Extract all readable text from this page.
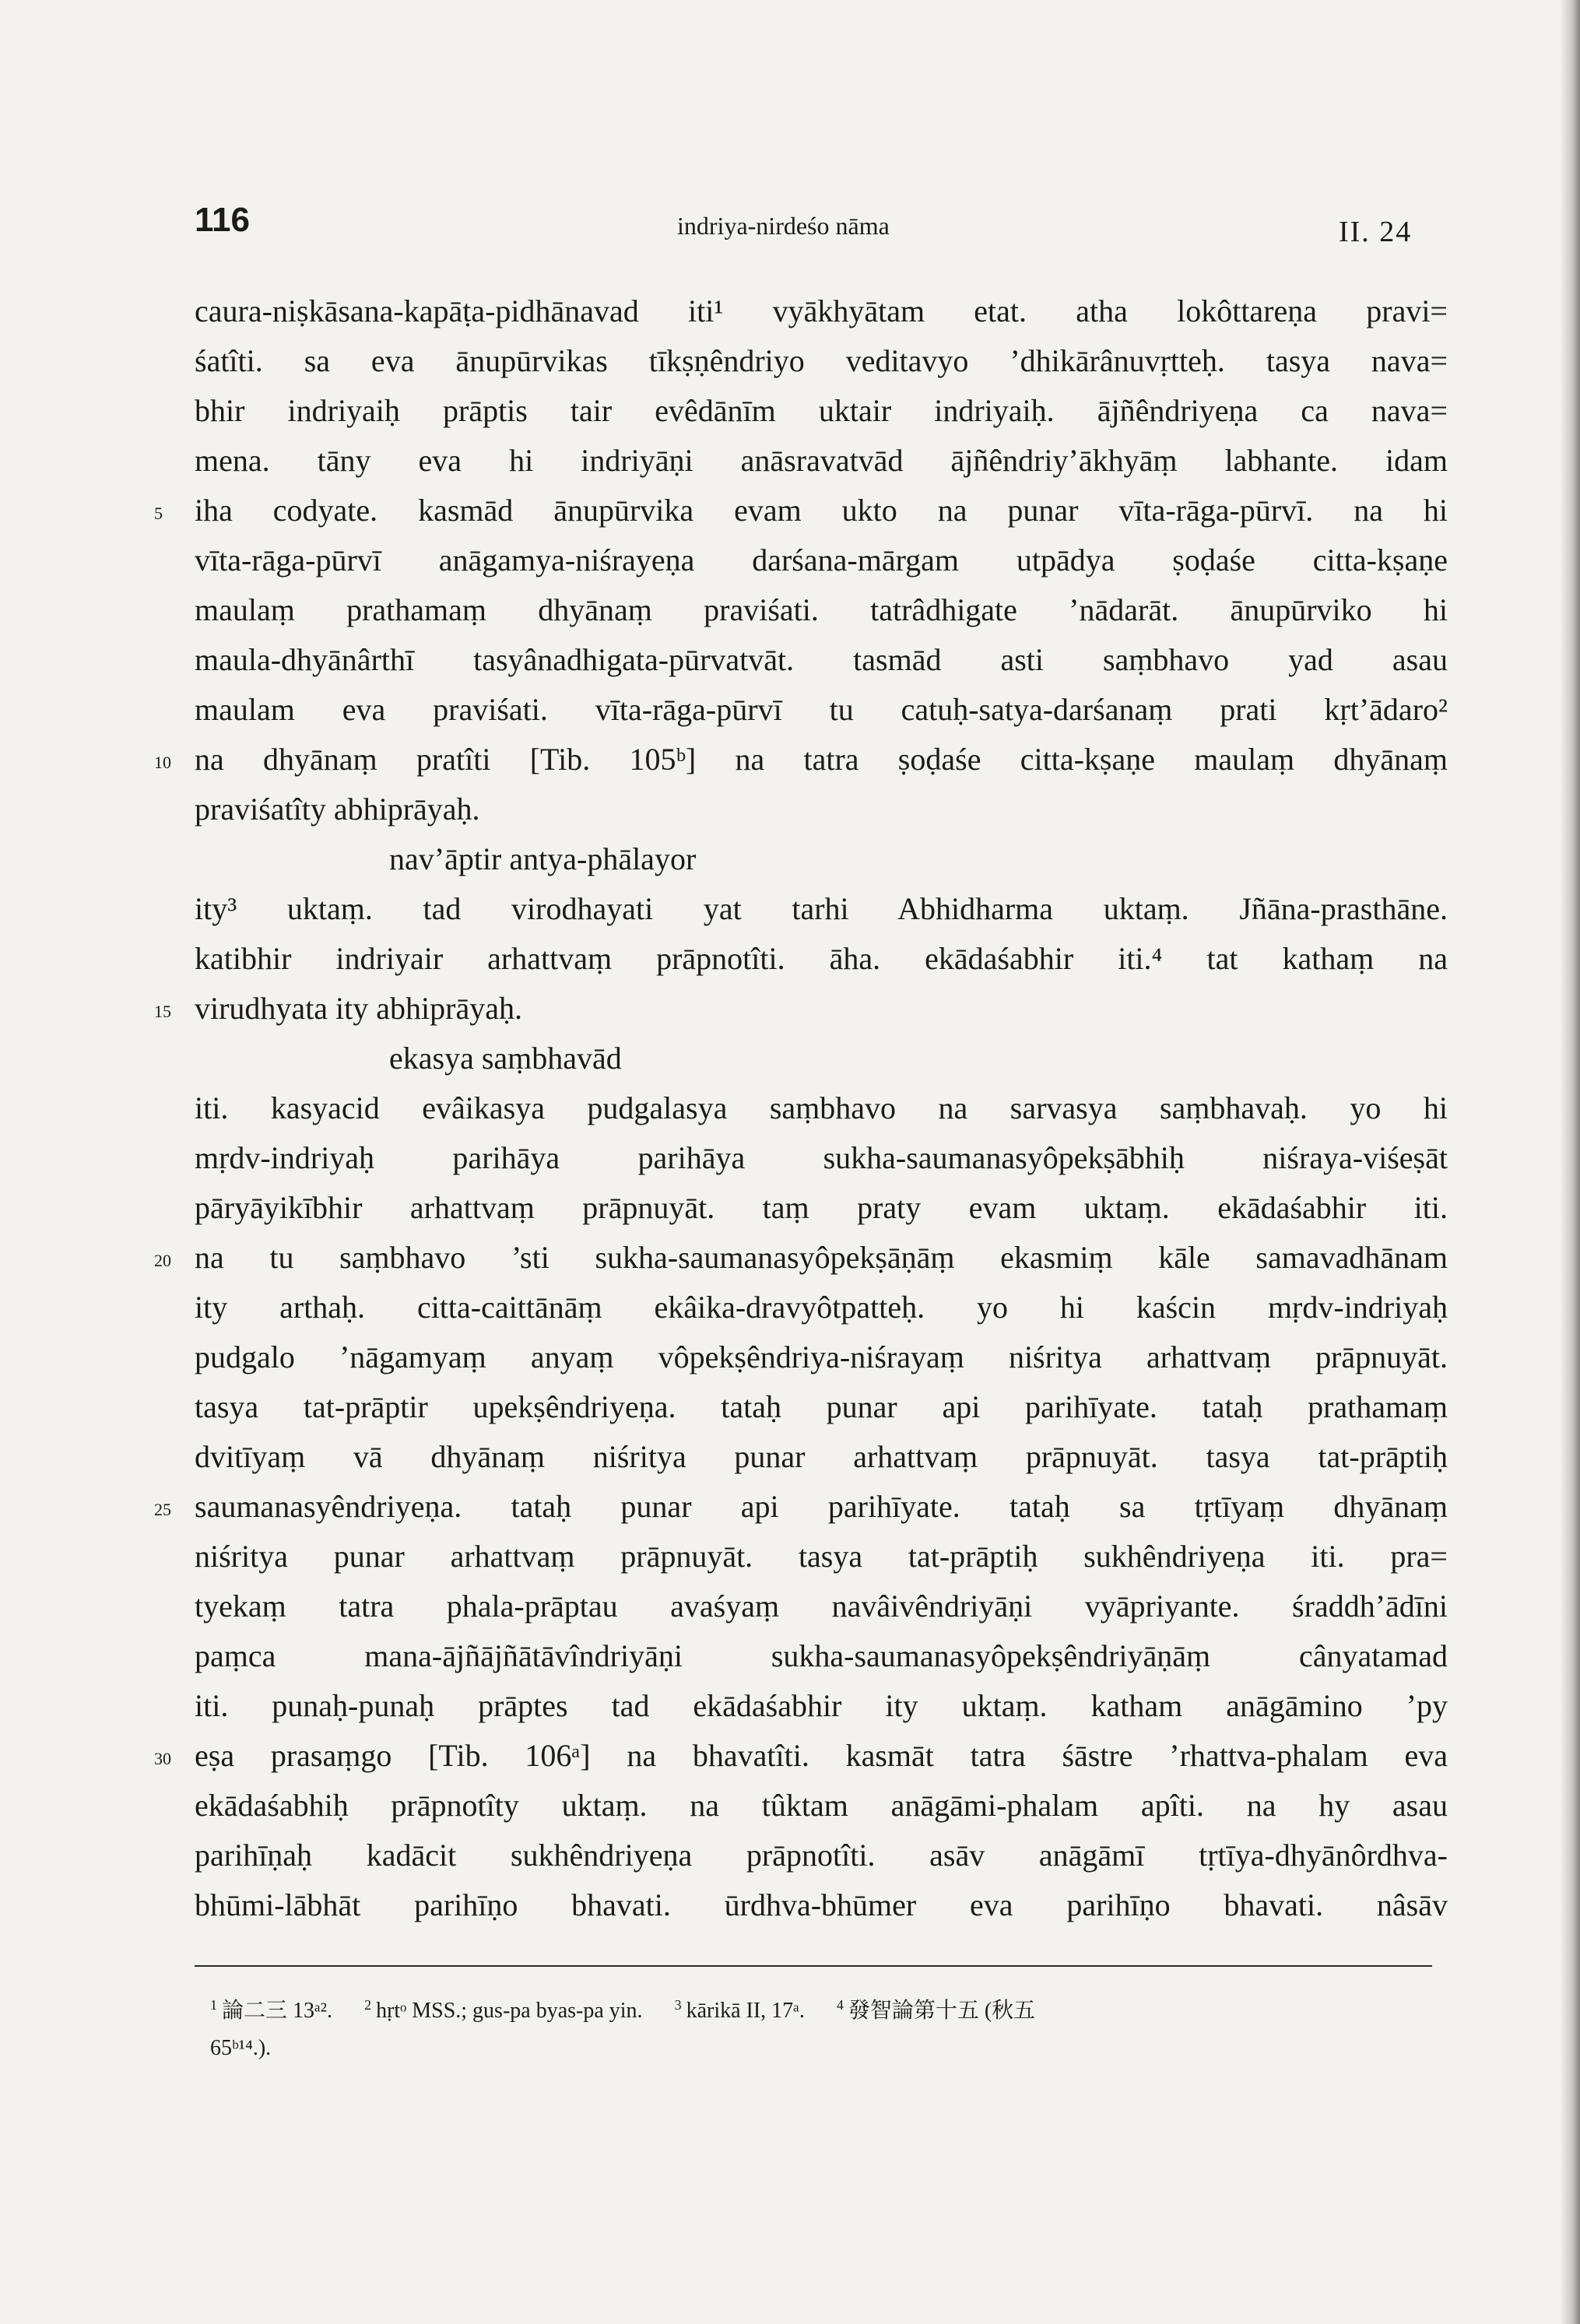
116	indriya-nirdeśo nāma	II. 24
caura-niṣkāsana-kapāṭa-pidhānavad iti¹ vyākhyātam etat. atha lokôttareṇa pravi=
śatîti. sa eva ānupūrvikas tīkṣṇêndriyo veditavyo ’dhikārânuvṛtteḥ. tasya nava=
bhir indriyaiḥ prāptis tair evêdānīm uktair indriyaiḥ. ājñêndriyeṇa ca nava=
mena. tāny eva hi indriyāṇi anāsravatvād ājñêndriy’ākhyāṃ labhante. idam
5 iha codyate. kasmād ānupūrvika evam ukto na punar vīta-rāga-pūrvī. na hi
vīta-rāga-pūrvī anāgamya-niśrayeṇa darśana-mārgam utpādya ṣoḍaśe citta-kṣaṇe
maulaṃ prathamaṃ dhyānaṃ praviśati. tatrâdhigate ’nādarāt. ānupūrviko hi
maula-dhyānârthī tasyânadhigata-pūrvatvāt. tasmād asti saṃbhavo yad asau
maulam eva praviśati. vīta-rāga-pūrvī tu catuḥ-satya-darśanaṃ prati kṛt’ādaro²
10 na dhyānaṃ pratîti [Tib. 105ᵇ] na tatra ṣoḍaśe citta-kṣaṇe maulaṃ dhyānaṃ
praviśatîty abhiprāyaḥ.
nav’āptir antya-phālayor
ity³ uktaṃ. tad virodhayati yat tarhi Abhidharma uktaṃ. Jñāna-prasthāne.
katibhir indriyair arhattvaṃ prāpnotîti. āha. ekādaśabhir iti.⁴ tat kathaṃ na
15 virudhyata ity abhiprāyaḥ.
ekasya saṃbhavād
iti. kasyacid evâikasya pudgalasya saṃbhavo na sarvasya saṃbhavaḥ. yo hi
mṛdv-indriyaḥ parihāya parihāya sukha-saumanasyôpekṣābhiḥ niśraya-viśeṣāt
pāryāyikībhir arhattvaṃ prāpnuyāt. taṃ praty evam uktaṃ. ekādaśabhir iti.
20 na tu saṃbhavo ’sti sukha-saumanasyôpekṣāṇāṃ ekasmiṃ kāle samavadhānam
ity arthaḥ. citta-caittānāṃ ekâika-dravyôtpatteḥ. yo hi kaścin mṛdv-indriyaḥ
pudgalo ’nāgamyaṃ anyaṃ vôpekṣêndriya-niśrayaṃ niśritya arhattvaṃ prāpnuyāt.
tasya tat-prāptir upekṣêndriyeṇa. tataḥ punar api parihīyate. tataḥ prathamaṃ
dvitīyaṃ vā dhyānaṃ niśritya punar arhattvaṃ prāpnuyāt. tasya tat-prāptiḥ
25 saumanasyêndriyeṇa. tataḥ punar api parihīyate. tataḥ sa tṛtīyaṃ dhyānaṃ
niśritya punar arhattvaṃ prāpnuyāt. tasya tat-prāptiḥ sukhêndriyeṇa iti. pra=
tyekaṃ tatra phala-prāptau avaśyaṃ navâivêndriyāṇi vyāpriyante. śraddh’ādīni
paṃca mana-ājñājñātāvîndriyāṇi sukha-saumanasyôpekṣêndriyāṇāṃ cânyatamad
iti. punaḥ-punaḥ prāptes tad ekādaśabhir ity uktaṃ. katham anāgāmino ’py
30 eṣa prasaṃgo [Tib. 106ᵃ] na bhavatîti. kasmāt tatra śāstre ’rhattva-phalam eva
ekādaśabhiḥ prāpnotîty uktaṃ. na tûktam anāgāmi-phalam apîti. na hy asau
parihīṇaḥ kadācit sukhêndriyeṇa prāpnotîti. asāv anāgāmī tṛtīya-dhyānôrdhva-
bhūmi-lābhāt parihīṇo bhavati. ūrdhva-bhūmer eva parihīṇo bhavati. nâsāv
$^1$ 論二三 13ᵃ². $^2$ hṛtᵒ MSS.; gus-pa byas-pa yin. $^3$ kārikā II, 17ᵃ. $^4$ 發智論第十五 (秋五
65ᵇ¹⁴.).
